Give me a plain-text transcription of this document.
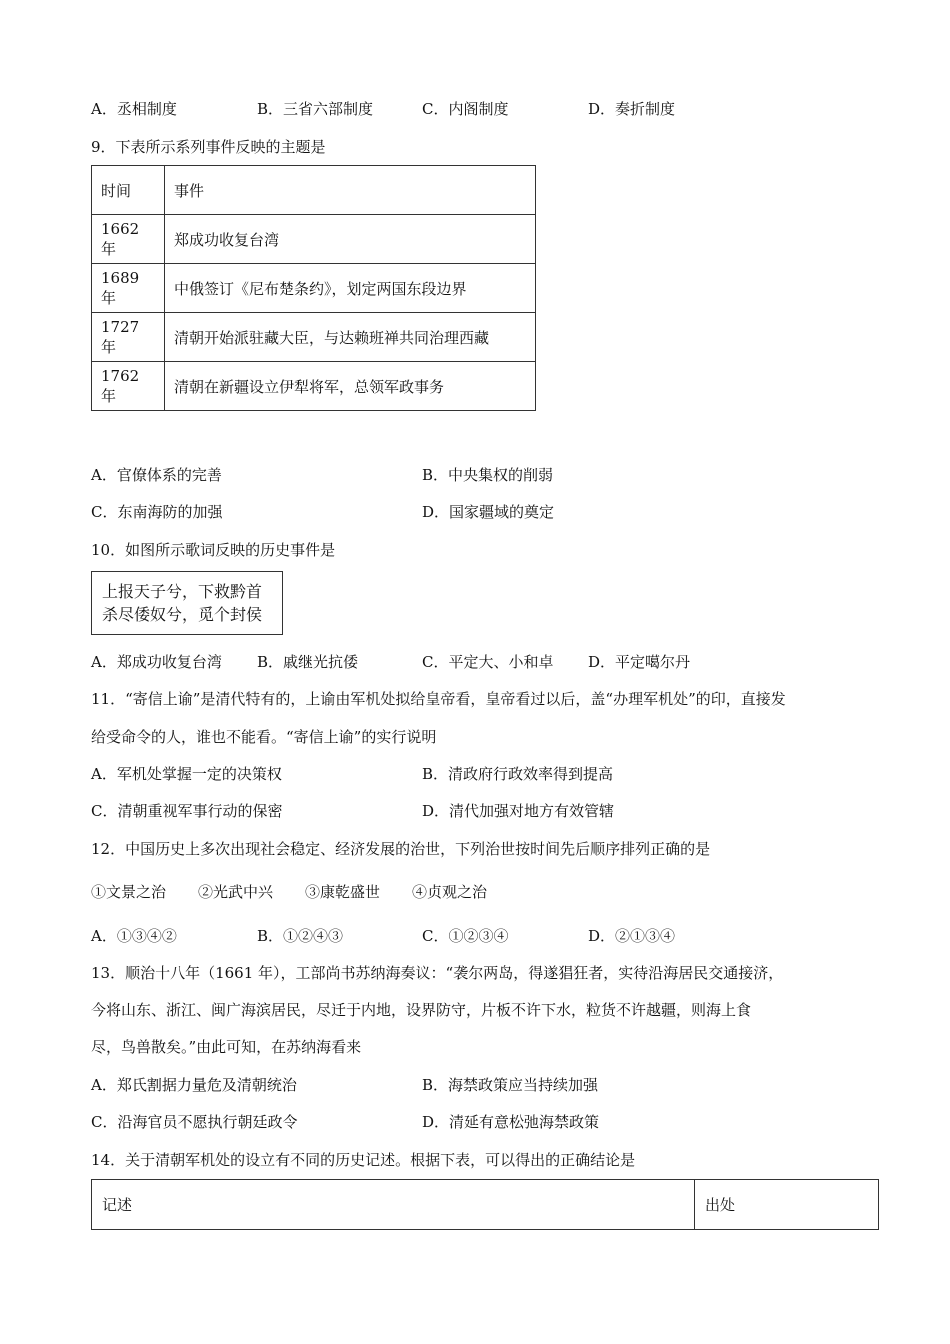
A．丞相制度	B．三省六部制度	C．内阁制度	D．奏折制度
9．下表所示系列事件反映的主题是
时间	事件
1662 年	郑成功收复台湾
1689 年	中俄签订《尼布楚条约》，划定两国东段边界
1727 年	清朝开始派驻藏大臣，与达赖班禅共同治理西藏
1762 年	清朝在新疆设立伊犁将军，总领军政事务
A．官僚体系的完善	B．中央集权的削弱
C．东南海防的加强	D．国家疆域的奠定
10．如图所示歌词反映的历史事件是
上报天子兮，下救黔首
杀尽倭奴兮，觅个封侯
A．郑成功收复台湾 B．戚继光抗倭	C．平定大、小和卓 D．平定噶尔丹
11．“寄信上谕”是清代特有的，上谕由军机处拟给皇帝看，皇帝看过以后，盖“办理军机处”的印，直接发
给受命令的人，谁也不能看。“寄信上谕”的实行说明
A．军机处掌握一定的决策权	B．清政府行政效率得到提高
C．清朝重视军事行动的保密	D．清代加强对地方有效管辖
12．中国历史上多次出现社会稳定、经济发展的治世，下列治世按时间先后顺序排列正确的是
①文景之治 ②光武中兴 ③康乾盛世 ④贞观之治
A．①③④②	B．①②④③	C．①②③④	D．②①③④
13．顺治十八年（1661 年），工部尚书苏纳海奏议：“袭尔两岛，得遂猖狂者，实待沿海居民交通接济，
今将山东、浙江、闽广海滨居民，尽迁于内地，设界防守，片板不许下水，粒货不许越疆，则海上食
尽，鸟兽散矣。”由此可知，在苏纳海看来
A．郑氏割据力量危及清朝统治	B．海禁政策应当持续加强
C．沿海官员不愿执行朝廷政令	D．清延有意松弛海禁政策
14．关于清朝军机处的设立有不同的历史记述。根据下表，可以得出的正确结论是
记述	出处
